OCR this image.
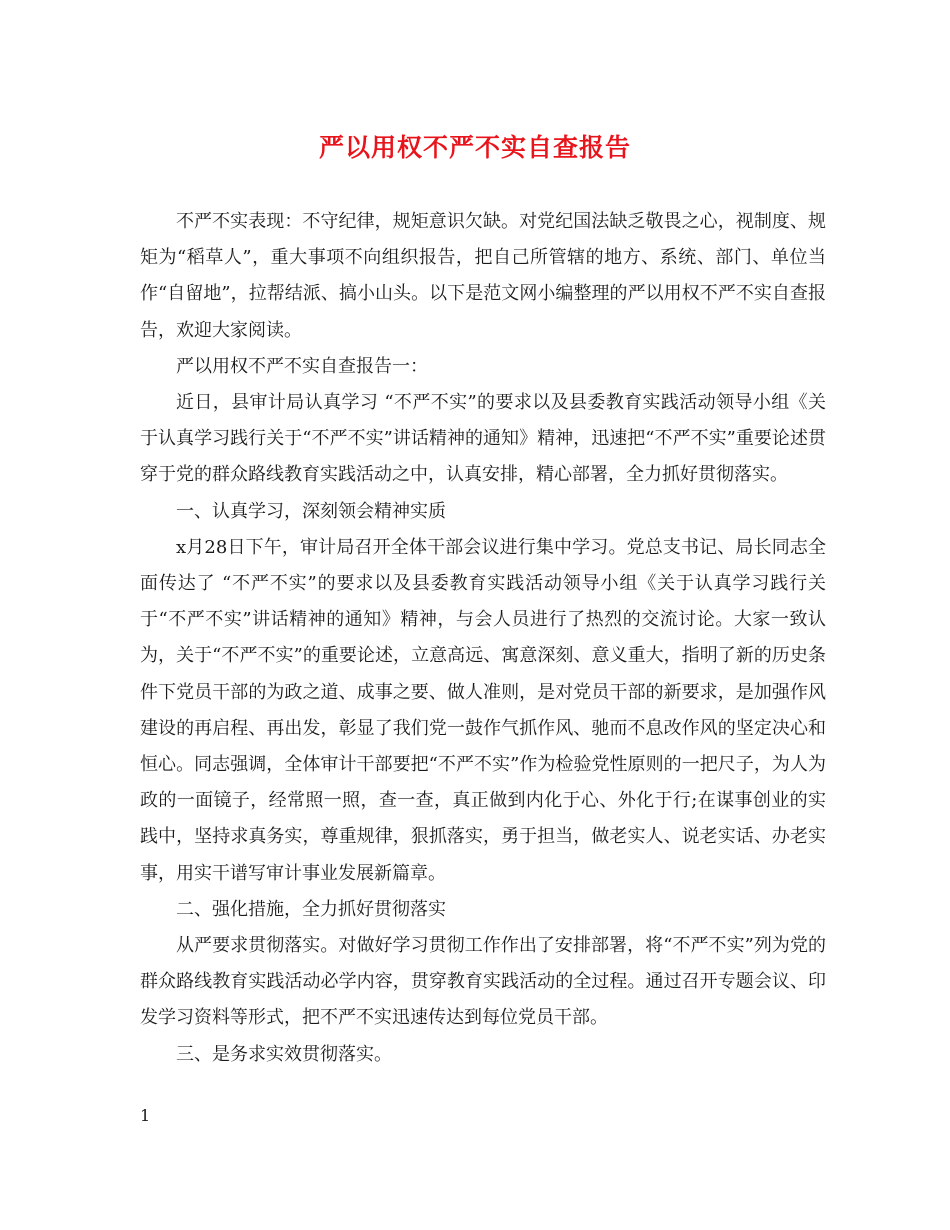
严以用权不严不实自查报告

不严不实表现：不守纪律，规矩意识欠缺。对党纪国法缺乏敬畏之心，视制度、规矩为“稻草人”，重大事项不向组织报告，把自己所管辖的地方、系统、部门、单位当作“自留地”，拉帮结派、搞小山头。以下是范文网小编整理的严以用权不严不实自查报告，欢迎大家阅读。

严以用权不严不实自查报告一：

近日，县审计局认真学习 “不严不实”的要求以及县委教育实践活动领导小组《关于认真学习践行关于“不严不实”讲话精神的通知》精神，迅速把“不严不实”重要论述贯穿于党的群众路线教育实践活动之中，认真安排，精心部署，全力抓好贯彻落实。

一、认真学习，深刻领会精神实质

x月28日下午，审计局召开全体干部会议进行集中学习。党总支书记、局长同志全面传达了 “不严不实”的要求以及县委教育实践活动领导小组《关于认真学习践行关于“不严不实”讲话精神的通知》精神，与会人员进行了热烈的交流讨论。大家一致认为，关于“不严不实”的重要论述，立意高远、寓意深刻、意义重大，指明了新的历史条件下党员干部的为政之道、成事之要、做人准则，是对党员干部的新要求，是加强作风建设的再启程、再出发，彰显了我们党一鼓作气抓作风、驰而不息改作风的坚定决心和恒心。同志强调，全体审计干部要把“不严不实”作为检验党性原则的一把尺子，为人为政的一面镜子，经常照一照，查一查，真正做到内化于心、外化于行;在谋事创业的实践中，坚持求真务实，尊重规律，狠抓落实，勇于担当，做老实人、说老实话、办老实事，用实干谱写审计事业发展新篇章。

二、强化措施，全力抓好贯彻落实

从严要求贯彻落实。对做好学习贯彻工作作出了安排部署，将“不严不实”列为党的群众路线教育实践活动必学内容，贯穿教育实践活动的全过程。通过召开专题会议、印发学习资料等形式，把不严不实迅速传达到每位党员干部。

三、是务求实效贯彻落实。

1
